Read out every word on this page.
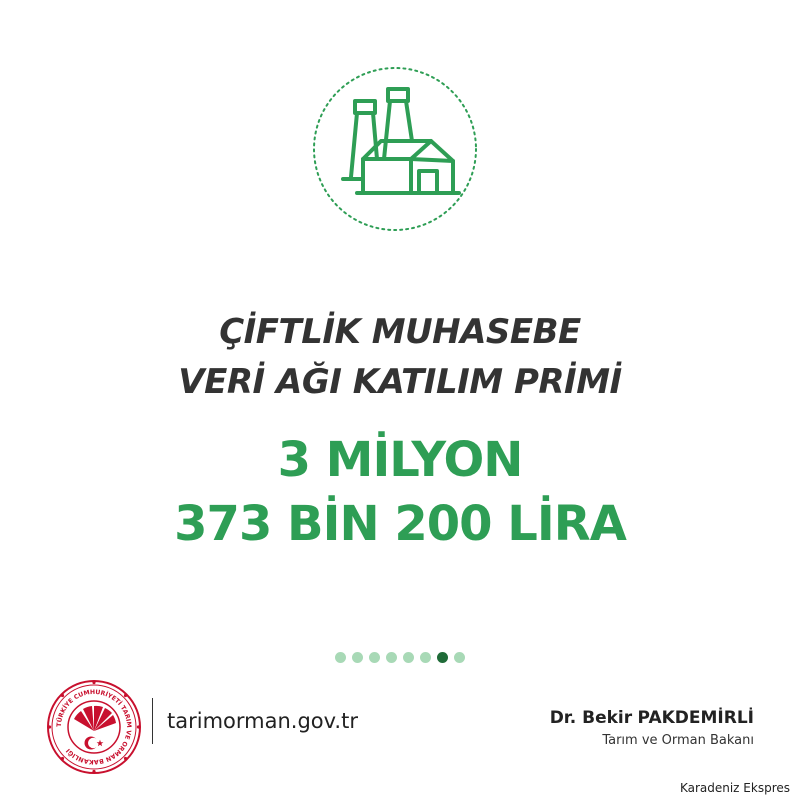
ÇİFTLİK MUHASEBE
VERİ AĞI KATILIM PRİMİ
3 MİLYON
373 BİN 200 LİRA
TÜRKİYE CUMHURİYETİ TARIM VE ORMAN BAKANLIĞI
tarimorman.gov.tr	Dr. Bekir PAKDEMİRLİ
Tarım ve Orman Bakanı
Karadeniz Ekspres
